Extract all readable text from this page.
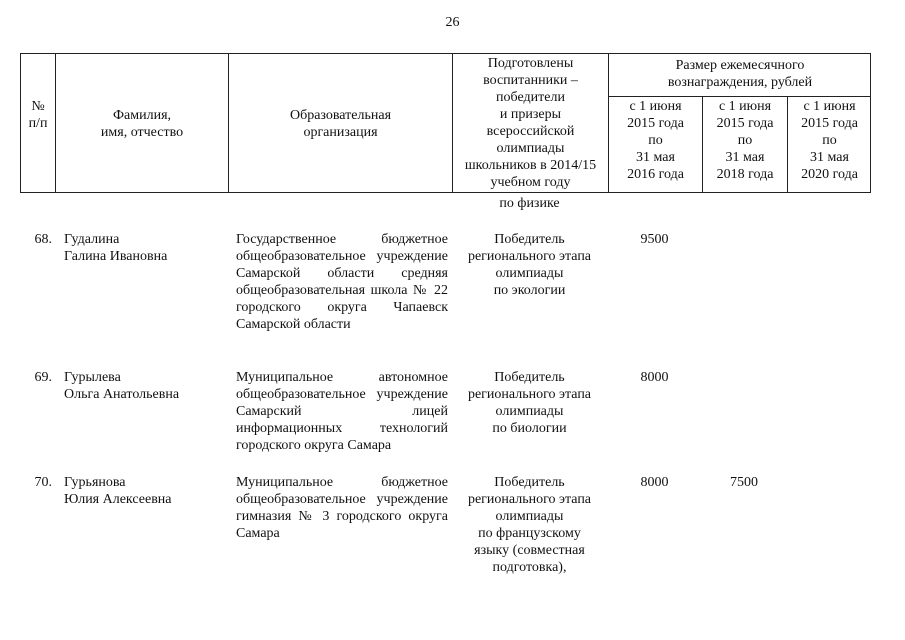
26
№
п/п
Фамилия,
имя, отчество
Образовательная
организация
Подготовлены
воспитанники –
победители
и призеры
всероссийской
олимпиады
школьников в 2014/15
учебном году
Размер ежемесячного
вознаграждения, рублей
с 1 июня
2015 года
по
31 мая
2016 года
с 1 июня
2015 года
по
31 мая
2018 года
с 1 июня
2015 года
по
31 мая
2020 года
по физике
68. Гудалина
Галина Ивановна
Государственное бюджетное общеобразовательное учреждение Самарской области средняя общеобразовательная школа № 22 городского округа Чапаевск Самарской области
Победитель
регионального этапа
олимпиады
по экологии
9500
69. Гурылева
Ольга Анатольевна
Муниципальное автономное общеобразовательное учреждение Самарский лицей информационных технологий городского округа Самара
Победитель
регионального этапа
олимпиады
по биологии
8000
70. Гурьянова
Юлия Алексеевна
Муниципальное бюджетное общеобразовательное учреждение гимназия № 3 городского округа Самара
Победитель
регионального этапа
олимпиады
по французскому
языку (совместная
подготовка),
8000	7500
